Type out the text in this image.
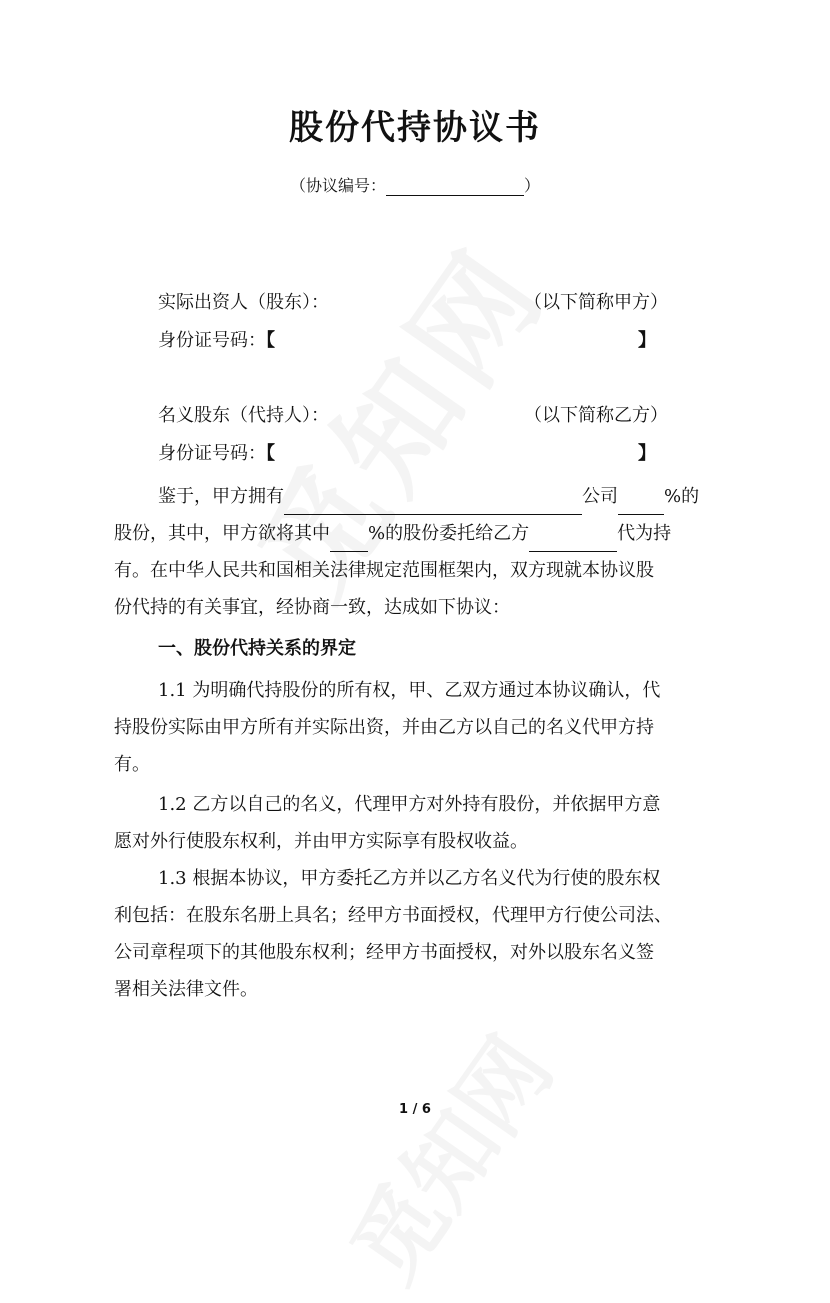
股份代持协议书
（协议编号：	）
实际出资人（股东）：	（以下简称甲方）
身份证号码：【	】
名义股东（代持人）：	（以下简称乙方）
身份证号码：【	】
鉴于，甲方拥有	公司	%的
股份，其中，甲方欲将其中 %的股份委托给乙方	代为持
有。在中华人民共和国相关法律规定范围框架内，双方现就本协议股
份代持的有关事宜，经协商一致，达成如下协议：
一、股份代持关系的界定
1.1 为明确代持股份的所有权，甲、乙双方通过本协议确认，代
持股份实际由甲方所有并实际出资，并由乙方以自己的名义代甲方持
有。
1.2 乙方以自己的名义，代理甲方对外持有股份，并依据甲方意
愿对外行使股东权利，并由甲方实际享有股权收益。
1.3 根据本协议，甲方委托乙方并以乙方名义代为行使的股东权
利包括：在股东名册上具名；经甲方书面授权，代理甲方行使公司法、
公司章程项下的其他股东权利；经甲方书面授权，对外以股东名义签
署相关法律文件。
1 / 6
